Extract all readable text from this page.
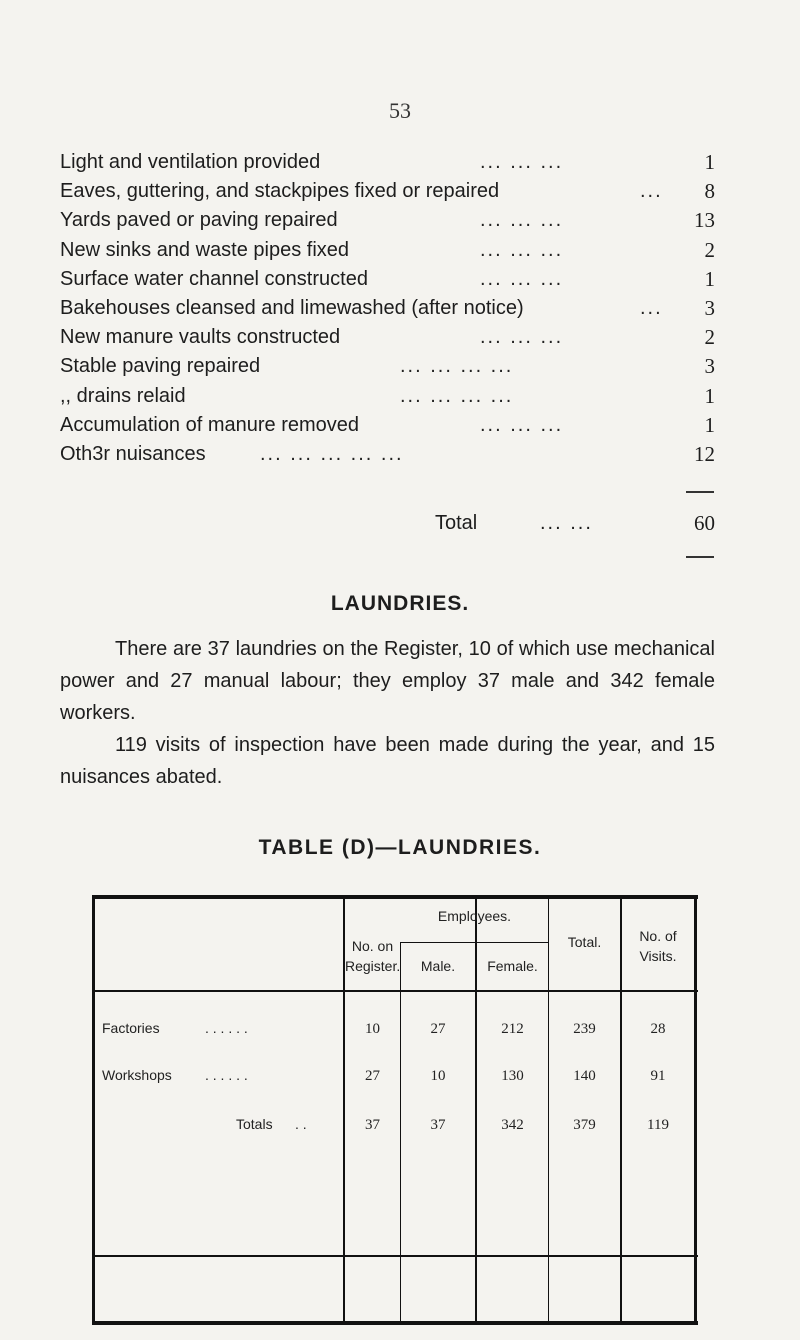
53
Light and ventilation provided	... ... ...	1
Eaves, guttering, and stackpipes fixed or repaired	...	8
Yards paved or paving repaired	... ... ...	13
New sinks and waste pipes fixed	... ... ...	2
Surface water channel constructed	... ... ...	1
Bakehouses cleansed and limewashed (after notice)	...	3
New manure vaults constructed	... ... ...	2
Stable paving repaired	... ... ... ...	3
,, drains relaid	... ... ... ...	1
Accumulation of manure removed	... ... ...	1
Oth3r nuisances	... ... ... ... ...	12
Total	... ...	60
LAUNDRIES.
There are 37 laundries on the Register, 10 of which use mechanical power and 27 manual labour; they employ 37 male and 342 female workers.
119 visits of inspection have been made during the year, and 15 nuisances abated.
TABLE (D)—LAUNDRIES.
No. on Register.
Employees.
Male.	Female.
Total.	No. of Visits.
Factories	. . . . . .	10	27	212	239	28
Workshops . . . . . .	27	10	130	140	91
Totals . .	37	37	342	379	119
